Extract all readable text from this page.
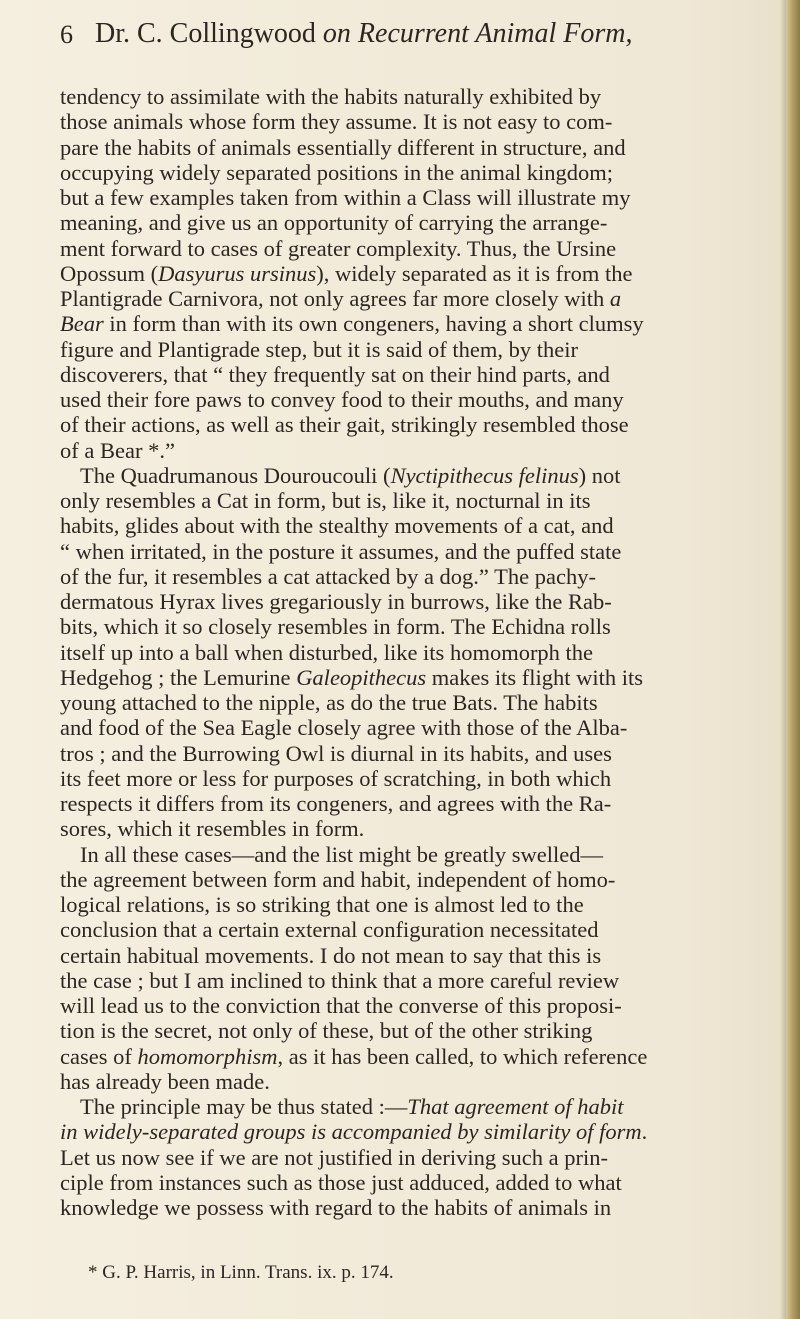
6 Dr. C. Collingwood on Recurrent Animal Form,
tendency to assimilate with the habits naturally exhibited by
those animals whose form they assume. It is not easy to com-
pare the habits of animals essentially different in structure, and
occupying widely separated positions in the animal kingdom;
but a few examples taken from within a Class will illustrate my
meaning, and give us an opportunity of carrying the arrange-
ment forward to cases of greater complexity. Thus, the Ursine
Opossum (Dasyurus ursinus), widely separated as it is from the
Plantigrade Carnivora, not only agrees far more closely with a
Bear in form than with its own congeners, having a short clumsy
figure and Plantigrade step, but it is said of them, by their
discoverers, that “ they frequently sat on their hind parts, and
used their fore paws to convey food to their mouths, and many
of their actions, as well as their gait, strikingly resembled those
of a Bear *.”
The Quadrumanous Douroucouli (Nyctipithecus felinus) not
only resembles a Cat in form, but is, like it, nocturnal in its
habits, glides about with the stealthy movements of a cat, and
“ when irritated, in the posture it assumes, and the puffed state
of the fur, it resembles a cat attacked by a dog.” The pachy-
dermatous Hyrax lives gregariously in burrows, like the Rab-
bits, which it so closely resembles in form. The Echidna rolls
itself up into a ball when disturbed, like its homomorph the
Hedgehog ; the Lemurine Galeopithecus makes its flight with its
young attached to the nipple, as do the true Bats. The habits
and food of the Sea Eagle closely agree with those of the Alba-
tros ; and the Burrowing Owl is diurnal in its habits, and uses
its feet more or less for purposes of scratching, in both which
respects it differs from its congeners, and agrees with the Ra-
sores, which it resembles in form.
In all these cases—and the list might be greatly swelled—
the agreement between form and habit, independent of homo-
logical relations, is so striking that one is almost led to the
conclusion that a certain external configuration necessitated
certain habitual movements. I do not mean to say that this is
the case ; but I am inclined to think that a more careful review
will lead us to the conviction that the converse of this proposi-
tion is the secret, not only of these, but of the other striking
cases of homomorphism, as it has been called, to which reference
has already been made.
The principle may be thus stated :—That agreement of habit
in widely-separated groups is accompanied by similarity of form.
Let us now see if we are not justified in deriving such a prin-
ciple from instances such as those just adduced, added to what
knowledge we possess with regard to the habits of animals in
* G. P. Harris, in Linn. Trans. ix. p. 174.
